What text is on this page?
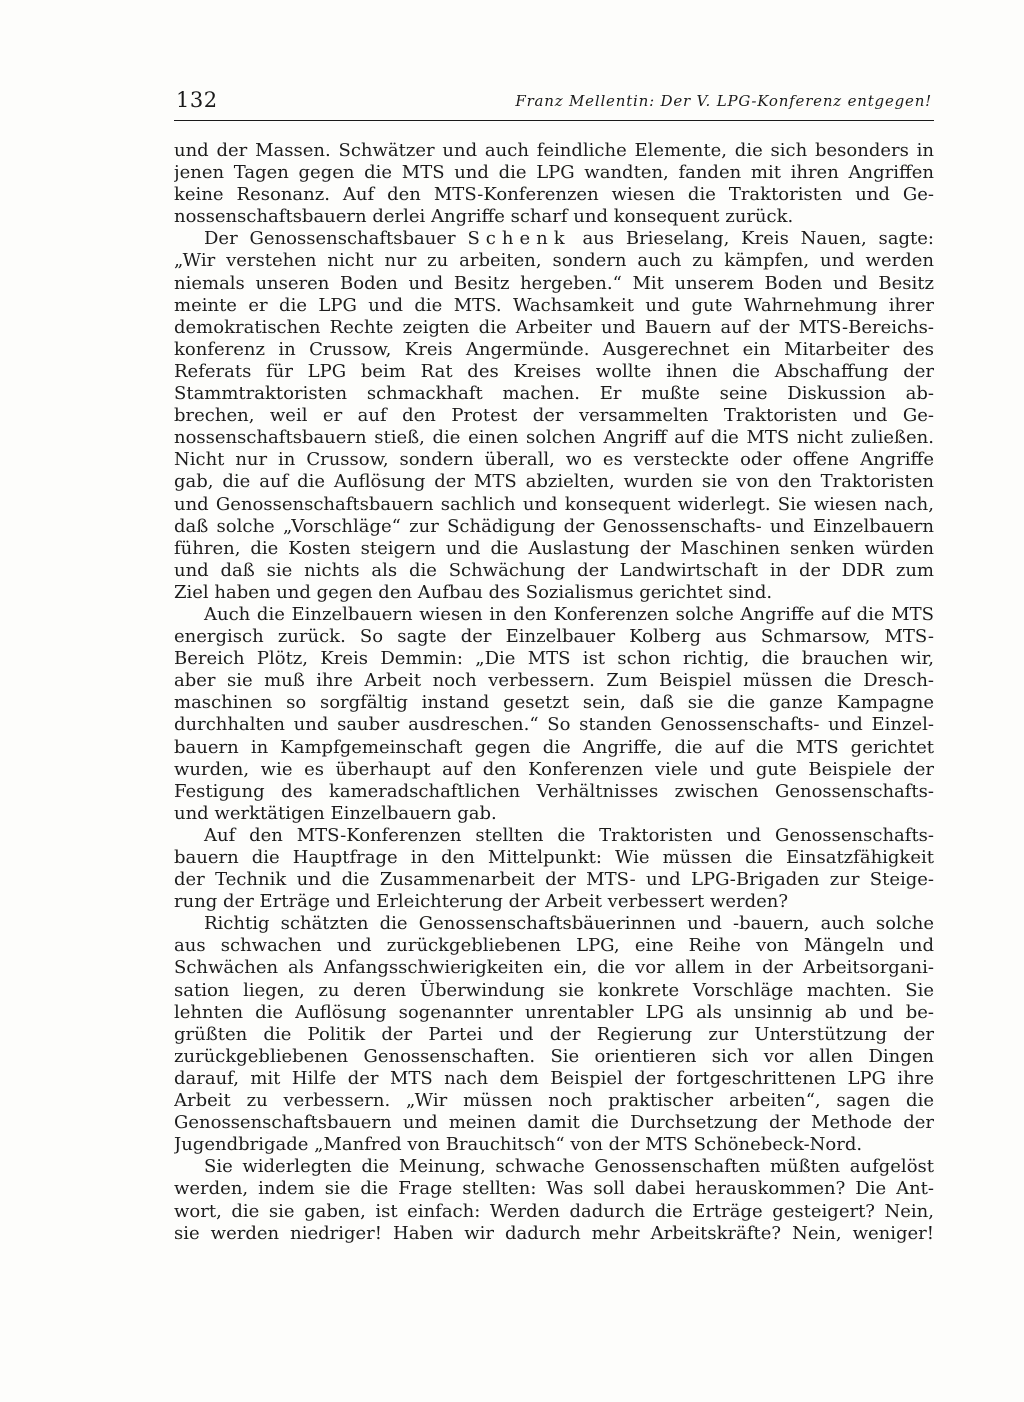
132	Franz Mellentin: Der V. LPG-Konferenz entgegen!
und der Massen. Schwätzer und auch feindliche Elemente, die sich besonders in
jenen Tagen gegen die MTS und die LPG wandten, fanden mit ihren Angriffen
keine Resonanz. Auf den MTS-Konferenzen wiesen die Traktoristen und Ge-
nossenschaftsbauern derlei Angriffe scharf und konsequent zurück.
Der Genossenschaftsbauer Schenk aus Brieselang, Kreis Nauen, sagte:
„Wir verstehen nicht nur zu arbeiten, sondern auch zu kämpfen, und werden
niemals unseren Boden und Besitz hergeben.“ Mit unserem Boden und Besitz
meinte er die LPG und die MTS. Wachsamkeit und gute Wahrnehmung ihrer
demokratischen Rechte zeigten die Arbeiter und Bauern auf der MTS-Bereichs-
konferenz in Crussow, Kreis Angermünde. Ausgerechnet ein Mitarbeiter des
Referats für LPG beim Rat des Kreises wollte ihnen die Abschaffung der
Stammtraktoristen schmackhaft machen. Er mußte seine Diskussion ab-
brechen, weil er auf den Protest der versammelten Traktoristen und Ge-
nossenschaftsbauern stieß, die einen solchen Angriff auf die MTS nicht zuließen.
Nicht nur in Crussow, sondern überall, wo es versteckte oder offene Angriffe
gab, die auf die Auflösung der MTS abzielten, wurden sie von den Traktoristen
und Genossenschaftsbauern sachlich und konsequent widerlegt. Sie wiesen nach,
daß solche „Vorschläge“ zur Schädigung der Genossenschafts- und Einzelbauern
führen, die Kosten steigern und die Auslastung der Maschinen senken würden
und daß sie nichts als die Schwächung der Landwirtschaft in der DDR zum
Ziel haben und gegen den Aufbau des Sozialismus gerichtet sind.
Auch die Einzelbauern wiesen in den Konferenzen solche Angriffe auf die MTS
energisch zurück. So sagte der Einzelbauer Kolberg aus Schmarsow, MTS-
Bereich Plötz, Kreis Demmin: „Die MTS ist schon richtig, die brauchen wir,
aber sie muß ihre Arbeit noch verbessern. Zum Beispiel müssen die Dresch-
maschinen so sorgfältig instand gesetzt sein, daß sie die ganze Kampagne
durchhalten und sauber ausdreschen.“ So standen Genossenschafts- und Einzel-
bauern in Kampfgemeinschaft gegen die Angriffe, die auf die MTS gerichtet
wurden, wie es überhaupt auf den Konferenzen viele und gute Beispiele der
Festigung des kameradschaftlichen Verhältnisses zwischen Genossenschafts-
und werktätigen Einzelbauern gab.
Auf den MTS-Konferenzen stellten die Traktoristen und Genossenschafts-
bauern die Hauptfrage in den Mittelpunkt: Wie müssen die Einsatzfähigkeit
der Technik und die Zusammenarbeit der MTS- und LPG-Brigaden zur Steige-
rung der Erträge und Erleichterung der Arbeit verbessert werden?
Richtig schätzten die Genossenschaftsbäuerinnen und -bauern, auch solche
aus schwachen und zurückgebliebenen LPG, eine Reihe von Mängeln und
Schwächen als Anfangsschwierigkeiten ein, die vor allem in der Arbeitsorgani-
sation liegen, zu deren Überwindung sie konkrete Vorschläge machten. Sie
lehnten die Auflösung sogenannter unrentabler LPG als unsinnig ab und be-
grüßten die Politik der Partei und der Regierung zur Unterstützung der
zurückgebliebenen Genossenschaften. Sie orientieren sich vor allen Dingen
darauf, mit Hilfe der MTS nach dem Beispiel der fortgeschrittenen LPG ihre
Arbeit zu verbessern. „Wir müssen noch praktischer arbeiten“, sagen die
Genossenschaftsbauern und meinen damit die Durchsetzung der Methode der
Jugendbrigade „Manfred von Brauchitsch“ von der MTS Schönebeck-Nord.
Sie widerlegten die Meinung, schwache Genossenschaften müßten aufgelöst
werden, indem sie die Frage stellten: Was soll dabei herauskommen? Die Ant-
wort, die sie gaben, ist einfach: Werden dadurch die Erträge gesteigert? Nein,
sie werden niedriger! Haben wir dadurch mehr Arbeitskräfte? Nein, weniger!
